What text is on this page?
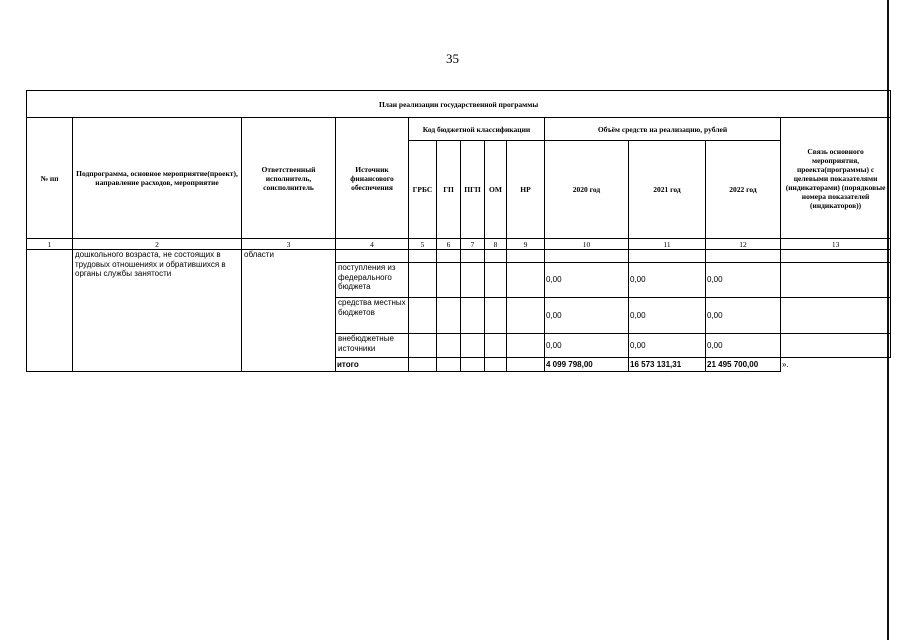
35
План реализации государственной программы												
№ пп	Подпрограмма, основное мероприятие(проект), направление расходов, мероприятие	Ответственный исполнитель, соисполнитель	Источник финансового обеспечения	Код бюджетной классификации					Объём средств на реализацию, рублей			Связь основного мероприятия, проекта(программы) с целевыми показателями (индикаторами) (порядковые номера показателей (индикаторов))
				ГРБС	ГП	ПГП	ОМ	НР	2020 год	2021 год	2022 год	
1	2	3	4	5	6	7	8	9	10	11	12	13
	дошкольного возраста, не состоящих в трудовых отношениях и обратившихся в органы службы занятости	области										
			поступления из федерального бюджета						0,00	0,00	0,00	
			средства местных бюджетов						0,00	0,00	0,00	
			внебюджетные источники						0,00	0,00	0,00	
			итого						4 099 798,00	16 573 131,31	21 495 700,00	».
